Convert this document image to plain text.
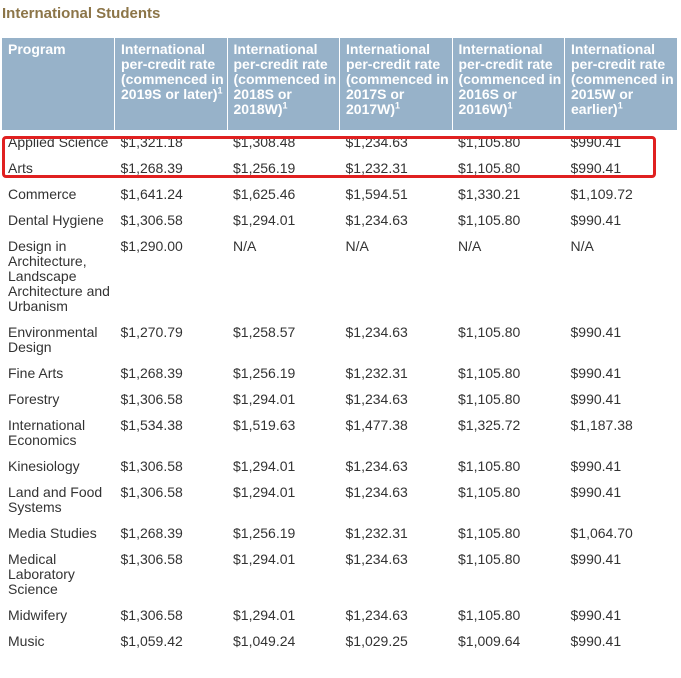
International Students
Program	International per-credit rate (commenced in 2019S or later)$^1$	International per-credit rate (commenced in 2018S or 2018W)$^1$	International per-credit rate (commenced in 2017S or 2017W)$^1$	International per-credit rate (commenced in 2016S or 2016W)$^1$	International per-credit rate (commenced in 2015W or earlier)$^1$
Applied Science	$1,321.18	$1,308.48	$1,234.63	$1,105.80	$990.41
Arts	$1,268.39	$1,256.19	$1,232.31	$1,105.80	$990.41
Commerce	$1,641.24	$1,625.46	$1,594.51	$1,330.21	$1,109.72
Dental Hygiene	$1,306.58	$1,294.01	$1,234.63	$1,105.80	$990.41
Design in Architecture, Landscape Architecture and Urbanism	$1,290.00	N/A	N/A	N/A	N/A
Environmental Design	$1,270.79	$1,258.57	$1,234.63	$1,105.80	$990.41
Fine Arts	$1,268.39	$1,256.19	$1,232.31	$1,105.80	$990.41
Forestry	$1,306.58	$1,294.01	$1,234.63	$1,105.80	$990.41
International Economics	$1,534.38	$1,519.63	$1,477.38	$1,325.72	$1,187.38
Kinesiology	$1,306.58	$1,294.01	$1,234.63	$1,105.80	$990.41
Land and Food Systems	$1,306.58	$1,294.01	$1,234.63	$1,105.80	$990.41
Media Studies	$1,268.39	$1,256.19	$1,232.31	$1,105.80	$1,064.70
Medical Laboratory Science	$1,306.58	$1,294.01	$1,234.63	$1,105.80	$990.41
Midwifery	$1,306.58	$1,294.01	$1,234.63	$1,105.80	$990.41
Music	$1,059.42	$1,049.24	$1,029.25	$1,009.64	$990.41
